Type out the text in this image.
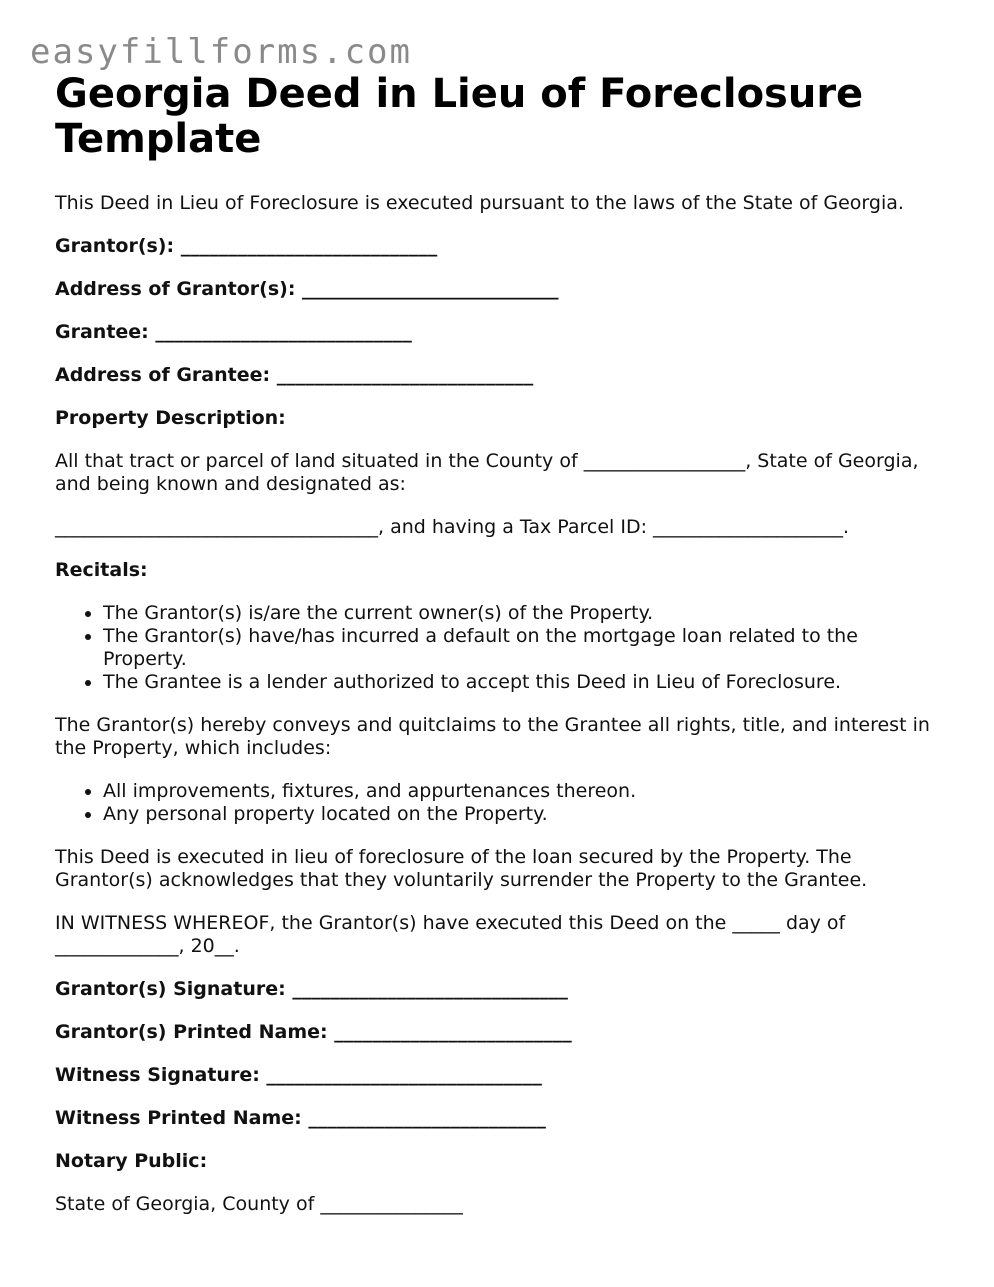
easyfillforms.com
Georgia Deed in Lieu of Foreclosure Template

This Deed in Lieu of Foreclosure is executed pursuant to the laws of the State of Georgia.

Grantor(s): ___________________________

Address of Grantor(s): ___________________________

Grantee: ___________________________

Address of Grantee: ___________________________

Property Description:

All that tract or parcel of land situated in the County of _________________, State of Georgia, and being known and designated as:

__________________________________, and having a Tax Parcel ID: ____________________.

Recitals:

• The Grantor(s) is/are the current owner(s) of the Property.
• The Grantor(s) have/has incurred a default on the mortgage loan related to the Property.
• The Grantee is a lender authorized to accept this Deed in Lieu of Foreclosure.

The Grantor(s) hereby conveys and quitclaims to the Grantee all rights, title, and interest in the Property, which includes:

• All improvements, fixtures, and appurtenances thereon.
• Any personal property located on the Property.

This Deed is executed in lieu of foreclosure of the loan secured by the Property. The Grantor(s) acknowledges that they voluntarily surrender the Property to the Grantee.

IN WITNESS WHEREOF, the Grantor(s) have executed this Deed on the _____ day of _____________, 20__.

Grantor(s) Signature: _____________________________

Grantor(s) Printed Name: _________________________

Witness Signature: _____________________________

Witness Printed Name: _________________________

Notary Public:

State of Georgia, County of _______________
